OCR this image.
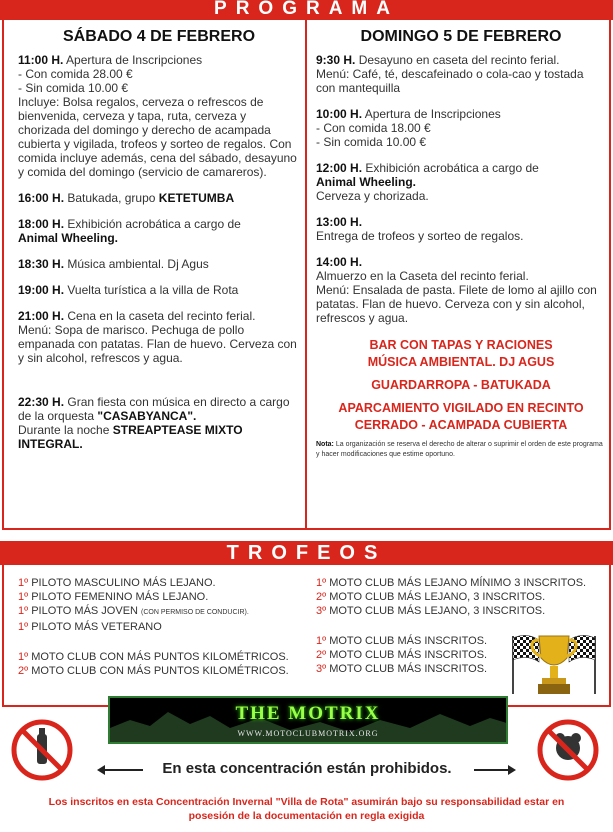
PROGRAMA
SÁBADO 4 DE FEBRERO
11:00 H. Apertura de Inscripciones
- Con comida 28.00 €
- Sin comida 10.00 €
Incluye: Bolsa regalos, cerveza o refrescos de bienvenida, cerveza y tapa, ruta, cerveza y chorizada del domingo y derecho de acampada cubierta y vigilada, trofeos y sorteo de regalos. Con comida incluye además, cena del sábado, desayuno y comida del domingo (servicio de camareros).
16:00 H. Batukada, grupo KETETUMBA
18:00 H. Exhibición acrobática a cargo de
Animal Wheeling.
18:30 H. Música ambiental. Dj Agus
19:00 H. Vuelta turística a la villa de Rota
21:00 H. Cena en la caseta del recinto ferial.
Menú: Sopa de marisco. Pechuga de pollo empanada con patatas. Flan de huevo. Cerveza con y sin alcohol, refrescos y agua.
22:30 H. Gran fiesta con música en directo a cargo de la orquesta "CASABYANCA".
Durante la noche STREAPTEASE MIXTO INTEGRAL.
DOMINGO 5 DE FEBRERO
9:30 H. Desayuno en caseta del recinto ferial.
Menú: Café, té, descafeinado o cola-cao y tostada con mantequilla
10:00 H. Apertura de Inscripciones
- Con comida 18.00 €
- Sin comida 10.00 €
12:00 H. Exhibición acrobática a cargo de
Animal Wheeling.
Cerveza y chorizada.
13:00 H.
Entrega de trofeos y sorteo de regalos.
14:00 H.
Almuerzo en la Caseta del recinto ferial.
Menú: Ensalada de pasta. Filete de lomo al ajillo con patatas. Flan de huevo. Cerveza con y sin alcohol, refrescos y agua.
BAR CON TAPAS Y RACIONES
MÚSICA AMBIENTAL. DJ AGUS
GUARDARROPA - BATUKADA
APARCAMIENTO VIGILADO EN RECINTO
CERRADO - ACAMPADA CUBIERTA
Nota: La organización se reserva el derecho de alterar o suprimir el orden de este programa y hacer modificaciones que estime oportuno.
TROFEOS
1º PILOTO MASCULINO MÁS LEJANO.
1º PILOTO FEMENINO MÁS LEJANO.
1º PILOTO MÁS JOVEN (CON PERMISO DE CONDUCIR).
1º PILOTO MÁS VETERANO
1º MOTO CLUB CON MÁS PUNTOS KILOMÉTRICOS.
2º MOTO CLUB CON MÁS PUNTOS KILOMÉTRICOS.
1º MOTO CLUB MÁS LEJANO MÍNIMO 3 INSCRITOS.
2º MOTO CLUB MÁS LEJANO, 3 INSCRITOS.
3º MOTO CLUB MÁS LEJANO, 3 INSCRITOS.
1º MOTO CLUB MÁS INSCRITOS.
2º MOTO CLUB MÁS INSCRITOS.
3º MOTO CLUB MÁS INSCRITOS.
THE MOTRIX
WWW.MOTOCLUBMOTRIX.ORG
En esta concentración están prohibidos.
Los inscritos en esta Concentración Invernal "Villa de Rota" asumirán bajo su responsabilidad estar en posesión de la documentación en regla exigida
